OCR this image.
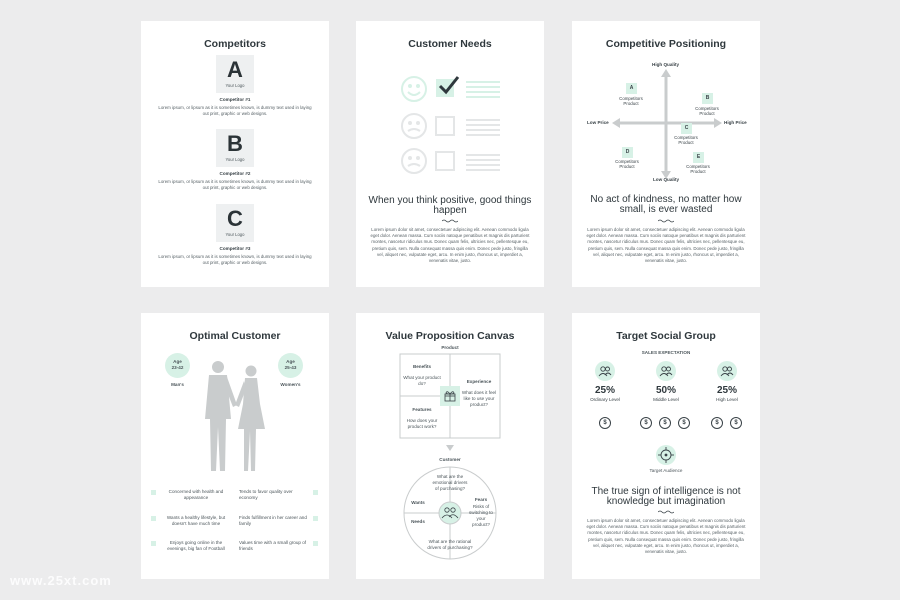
Competitors
A
Your Logo
Competitor #1
Lorem ipsum, or lipsum as it is sometimes known, is dummy text used in laying out print, graphic or web designs.
B
Your Logo
Competitor #2
Lorem ipsum, or lipsum as it is sometimes known, is dummy text used in laying out print, graphic or web designs.
C
Your Logo
Competitor #3
Lorem ipsum, or lipsum as it is sometimes known, is dummy text used in laying out print, graphic or web designs.
Customer Needs
When you think positive, good things happen
Lorem ipsum dolor sit amet, consectetuer adipiscing elit. Aenean commodo ligula eget dolor. Aenean massa. Cum sociis natoque penatibus et magnis dis parturient montes, nascetur ridiculus mus. Donec quam felis, ultricies nec, pellentesque eu, pretium quis, sem. Nulla consequat massa quis enim. Donec pede justo, fringilla vel, aliquet nec, vulputate eget, arcu. In enim justo, rhoncus ut, imperdiet a, venenatis vitae, justo.
Competitive Positioning
High Quality
Low Quality
Low Price	High Price
A
Competitors Product
B
Competitors Product
C
Competitors Product
D
Competitors Product
E
Competitors Product
No act of kindness, no matter how small, is ever wasted
Lorem ipsum dolor sit amet, consectetuer adipiscing elit. Aenean commodo ligula eget dolor. Aenean massa. Cum sociis natoque penatibus et magnis dis parturient montes, nascetur ridiculus mus. Donec quam felis, ultricies nec, pellentesque eu, pretium quis, sem. Nulla consequat massa quis enim. Donec pede justo, fringilla vel, aliquet nec, vulputate eget, arcu. In enim justo, rhoncus ut, imperdiet a, venenatis vitae, justo.
Optimal Customer
Age
23-42
Man's
Age
25-43
Women's
Concerned with health and appearance
Wants a healthy lifestyle, but doesn't have much time
Enjoys going online in the evenings, big fan of Football
Tends to favor quality over economy
Finds fulfillment in her career and family
Values time with a small group of friends
Value Proposition Canvas
Product
Benefits
What your product do?	Experience
What does it feel like to use your product?
Features
How does your product work?
Customer
What are the emotional drivers of purchasing?
Wants
Needs
Fears
Risks of switching to your product?
What are the rational drivers of purchasing?
Target Social Group
SALES EXPECTATION
25%
Ordinary Level
50%
Middle Level
25%
High Level
$	$	$	$	$	$
Target Audience
The true sign of intelligence is not knowledge but imagination
Lorem ipsum dolor sit amet, consectetuer adipiscing elit. Aenean commodo ligula eget dolor. Aenean massa. Cum sociis natoque penatibus et magnis dis parturient montes, nascetur ridiculus mus. Donec quam felis, ultricies nec, pellentesque eu, pretium quis, sem. Nulla consequat massa quis enim. Donec pede justo, fringilla vel, aliquet nec, vulputate eget, arcu. In enim justo, rhoncus ut, imperdiet a, venenatis vitae, justo.
www.25xt.com
